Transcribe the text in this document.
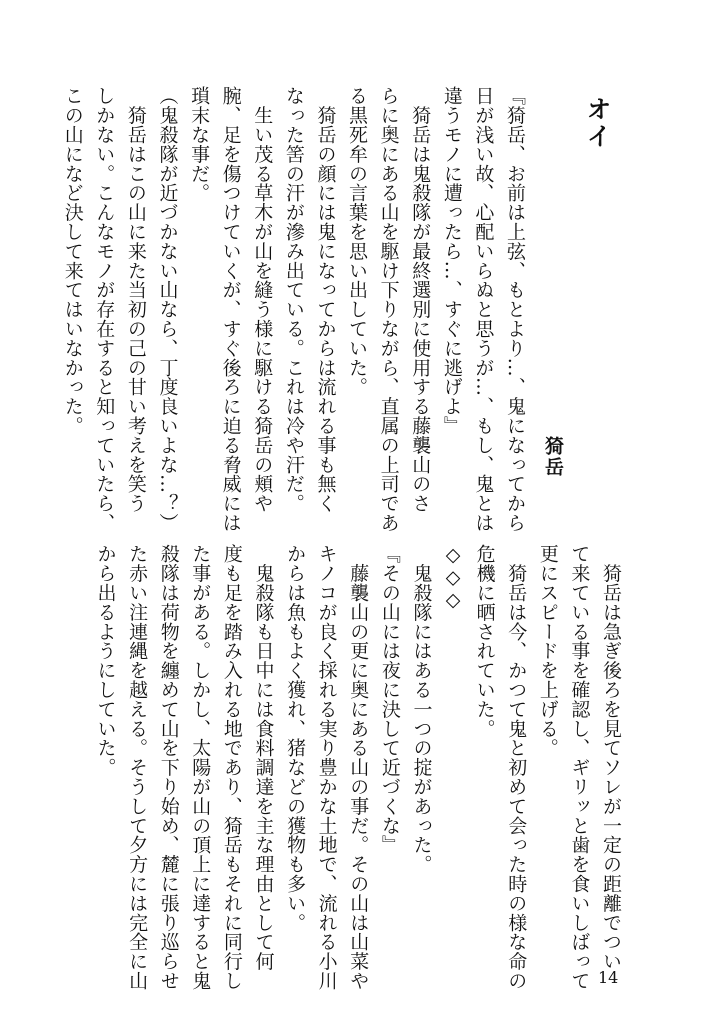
オイ
猗岳
『猗岳、お前は上弦、もとより…、鬼になってから
日が浅い故、心配いらぬと思うが…、もし、鬼とは
違うモノに遭ったら…、すぐに逃げよ』
　猗岳は鬼殺隊が最終選別に使用する藤襲山のさ
らに奥にある山を駆け下りながら、直属の上司であ
る黒死牟の言葉を思い出していた。
　猗岳の顔には鬼になってからは流れる事も無く
なった筈の汗が滲み出ている。これは冷や汗だ。
　生い茂る草木が山を縫う様に駆ける猗岳の頬や
腕、足を傷つけていくが、すぐ後ろに迫る脅威には
瑣末な事だ。
（鬼殺隊が近づかない山なら、丁度良いよな…？）
　猗岳はこの山に来た当初の己の甘い考えを笑う
しかない。こんなモノが存在すると知っていたら、
この山になど決して来てはいなかった。
　猗岳は急ぎ後ろを見てソレが一定の距離でつい
て来ている事を確認し、ギリッと歯を食いしばって
更にスピードを上げる。
　猗岳は今、かつて鬼と初めて会った時の様な命の
危機に晒されていた。
◇◇◇
　鬼殺隊にはある一つの掟があった。
『その山には夜に決して近づくな』
　藤襲山の更に奥にある山の事だ。その山は山菜や
キノコが良く採れる実り豊かな土地で、流れる小川
からは魚もよく獲れ、猪などの獲物も多い。
　鬼殺隊も日中には食料調達を主な理由として何
度も足を踏み入れる地であり、猗岳もそれに同行し
た事がある。しかし、太陽が山の頂上に達すると鬼
殺隊は荷物を纏めて山を下り始め、麓に張り巡らせ
た赤い注連縄を越える。そうして夕方には完全に山
から出るようにしていた。
14
